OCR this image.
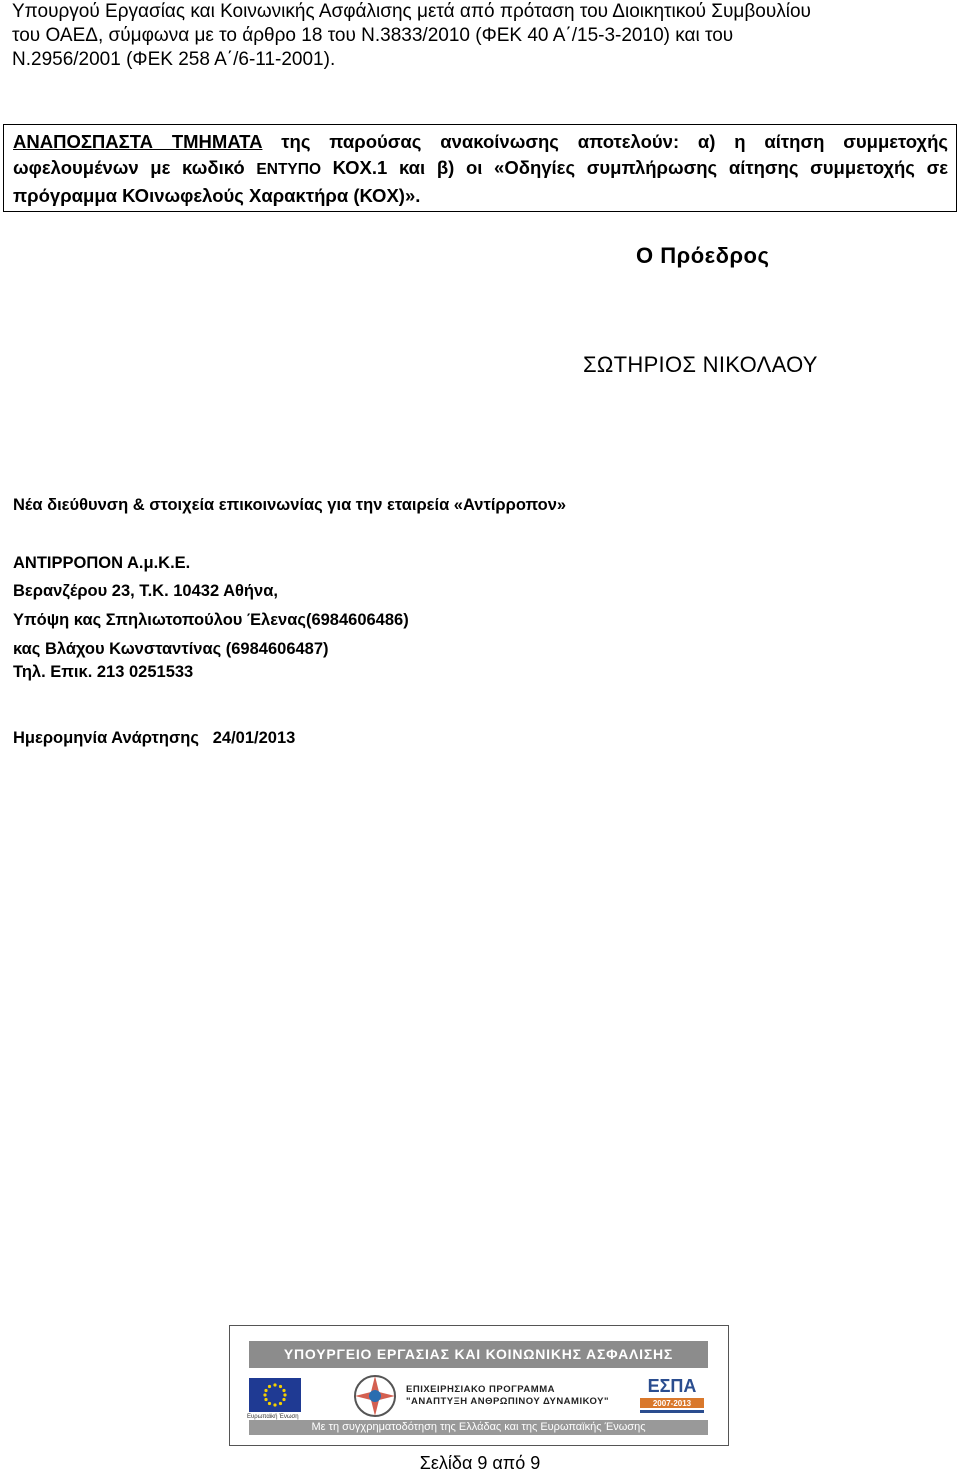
Υπουργού Εργασίας και Κοινωνικής Ασφάλισης μετά από πρόταση του Διοικητικού Συμβουλίου

του ΟΑΕΔ, σύμφωνα με το άρθρο 18 του Ν.3833/2010 (ΦΕΚ 40 Α΄/15-3-2010) και του

Ν.2956/2001 (ΦΕΚ 258 Α΄/6-11-2001).

ΑΝΑΠΟΣΠΑΣΤΑ ΤΜΗΜΑΤΑ της παρούσας ανακοίνωσης αποτελούν: α) η αίτηση συμμετοχής ωφελουμένων με κωδικό ΕΝΤΥΠΟ ΚΟΧ.1 και β) οι «Οδηγίες συμπλήρωσης αίτησης συμμετοχής σε πρόγραμμα ΚΟινωφελούς Χαρακτήρα (ΚΟΧ)».
Ο Πρόεδρος
ΣΩΤΗΡΙΟΣ ΝΙΚΟΛΑΟΥ
Νέα διεύθυνση & στοιχεία επικοινωνίας για την εταιρεία «Αντίρροπον»
ΑΝΤΙΡΡΟΠΟΝ Α.μ.Κ.Ε.
Βερανζέρου 23, Τ.Κ. 10432 Αθήνα,
Υπόψη κας Σπηλιωτοπούλου Έλενας(6984606486)
κας Βλάχου Κωνσταντίνας (6984606487)
Τηλ. Επικ. 213 0251533
Ημερομηνία Ανάρτησης 24/01/2013
ΥΠΟΥΡΓΕΙΟ ΕΡΓΑΣΙΑΣ ΚΑΙ ΚΟΙΝΩΝΙΚΗΣ ΑΣΦΑΛΙΣΗΣ
Ευρωπαϊκή Ένωση
ΕΠΙΧΕΙΡΗΣΙΑΚΟ ΠΡΟΓΡΑΜΜΑ
"ΑΝΑΠΤΥΞΗ ΑΝΘΡΩΠΙΝΟΥ ΔΥΝΑΜΙΚΟΥ"
ΕΣΠΑ
2007-2013
Με τη συγχρηματοδότηση της Ελλάδας και της Ευρωπαϊκής Ένωσης
Σελίδα 9 από 9
